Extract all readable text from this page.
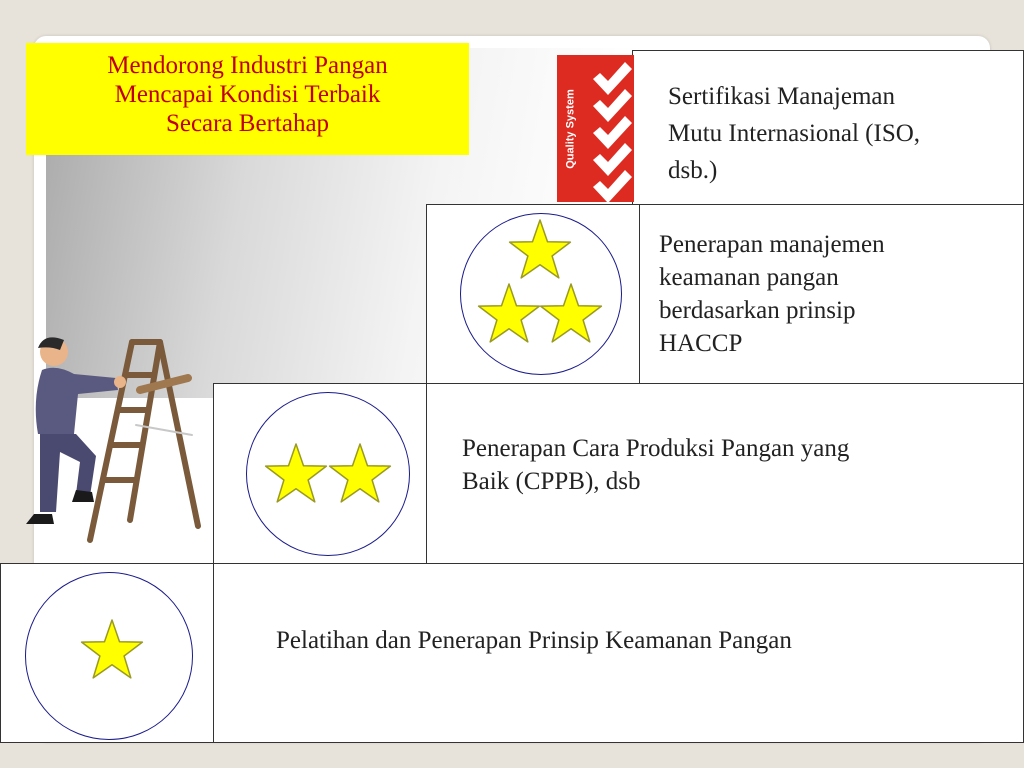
Mendorong Industri Pangan
Mencapai Kondisi Terbaik
Secara Bertahap	Quality System	Sertifikasi Manajeman
Mutu Internasional (ISO,
dsb.)
Penerapan manajemen
keamanan pangan
berdasarkan prinsip
HACCP
Penerapan Cara Produksi Pangan yang
Baik (CPPB), dsb
Pelatihan dan Penerapan Prinsip Keamanan Pangan
